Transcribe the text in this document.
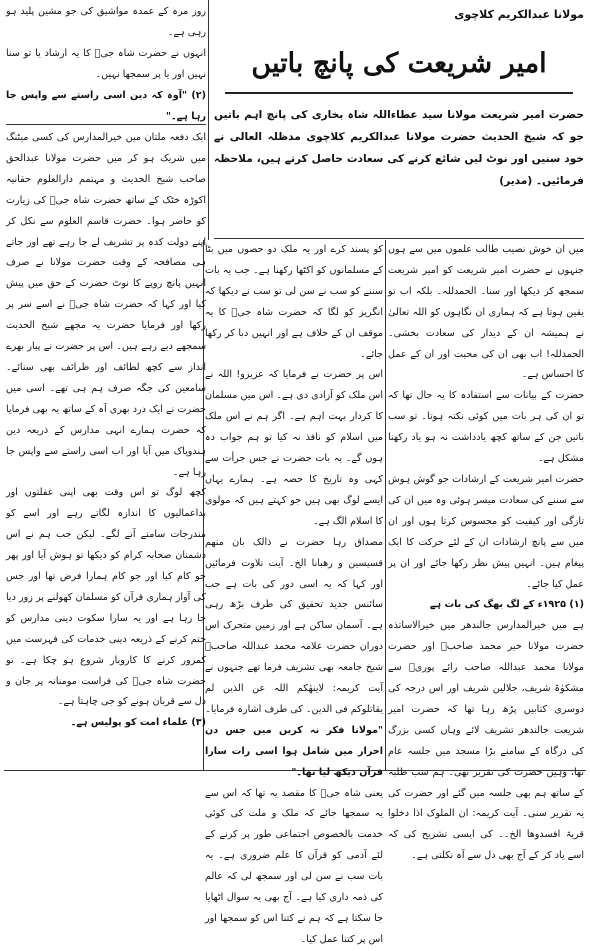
مولانا عبدالکریم کلاچوی
امیر شریعت کی پانچ باتیں
حضرت امیر شریعت مولانا سید عطاءاللہ شاہ بخاری کی پانچ اہم باتیں جو کہ شیخ الحدیث حضرت مولانا عبدالکریم کلاچوی مدظلہ العالی نے خود سنیں اور نوٹ لیں شائع کرنے کی سعادت حاصل کرتے ہیں، ملاحظہ فرمائیں۔ (مدیر)

روز مرہ کے عمدہ مواشیق کی جو مشین پلید ہو رہی ہے۔

انہوں نے حضرت شاہ جیؒ کا یہ ارشاد یا تو سنا نہیں اور یا پر سمجھا نہیں۔

(۲) "آوہ کہ دین اسی راستے سے واپس جا رہا ہے۔"

ایک دفعہ ملتان میں خیرالمدارس کی کسی میٹنگ میں شریک ہو کر میں حضرت مولانا عبدالحق صاحب شیخ الحدیث و مہتمم دارالعلوم حقانیہ اکوڑہ خٹک کے ساتھ حضرت شاہ جیؒ کی زیارت کو حاضر ہوا۔ حضرت قاسم العلوم سے نکل کر اپنے دولت کدہ پر تشریف لے جا رہے تھے اور جاتے ہی مصافحہ کے وقت حضرت مولانا نے صرف انہیں پانچ روپے کا نوٹ حضرت کے حق میں پیش کیا اور کہا کہ حضرت شاہ جیؒ نے اسے سر پر رکھا اور فرمایا حضرت یہ مجھے شیخ الحدیث سمجھے دیے رہے ہیں۔ اس پر حضرت نے پیار بھرے انداز سے کچھ لطائف اور ظرائف بھی سنائے۔ سامعین کی جگہ صرف ہم ہی تھے۔ اسی میں حضرت نے ایک درد بھری آہ کے ساتھ یہ بھی فرمایا کہ حضرت ہمارے انہی مدارس کے ذریعہ دین ہندوپاک میں آیا اور اب اسی راستے سے واپس جا رہا ہے۔

کچھ لوگ تو اس وقت بھی اپنی غفلتوں اور بداعمالیوں کا اندازہ لگاتے رہے اور اسے کو مندرجات سامنے آنے لگے۔ لیکن جب ہم نے اس دشمنان صحابہ کرام کو دیکھا تو ہوش آیا اور پھر جو کام کیا اور جو کام ہمارا فرض تھا اور جس کی آواز ہماری قرآن کو مسلمان کھولنے پر زور دیا جا رہا ہے اور یہ سارا سکوت دینی مدارس کو ختم کرنے کے ذریعہ دینی خدمات کی فہرست میں کمزور کرنے کا کاروبار شروع ہو چکا ہے۔ تو حضرت شاہ جیؒ کی فراست مومنانہ پر جان و دل سے قربان ہونے کو جی چاہتا ہے۔

(۳) علماء امت کو پولیس ہے۔

کو پسند کرے اور یہ ملک دو حصوں میں بٹا کے مسلمانوں کو اکٹھا رکھنا ہے۔ جب یہ بات سننے کو سب نے سن لی تو سب نے دیکھا کہ انگریز کو لگا کہ حضرت شاہ جیؒ کا یہ موقف ان کے خلاف ہے اور انہیں دبا کر رکھا جائے۔

اس پر حضرت نے فرمایا کہ عزیزو! اللہ نے اس ملک کو آزادی دی ہے۔ اس میں مسلمان کا کردار بہت اہم ہے۔ اگر ہم نے اس ملک میں اسلام کو نافذ نہ کیا تو ہم جواب دہ ہوں گے۔ یہ بات حضرت نے جس جرأت سے کہی وہ تاریخ کا حصہ ہے۔ ہمارے یہاں ایسے لوگ بھی ہیں جو کہتے ہیں کہ مولوی کا اسلام الگ ہے۔

مصداق رہا حضرت نے ذالک بان منھم قسیسین و رھبانا الخ۔ آیت تلاوت فرمائیں اور کہا کہ یہ اسی دور کی بات ہے جب سائنس جدید تحقیق کی طرف بڑھ رہی ہے۔ آسمان ساکن ہے اور زمین متحرک اس دوران حضرت علامہ محمد عبداللہ صاحبؒ شیخ جامعہ بھی تشریف فرما تھے جنہوں نے آیت کریمہ: لاینھٰکم اللہ عن الذین لم یقاتلوکم فی الدین۔ کی طرف اشارہ فرمایا۔

"مولانا فکر نہ کریں میں جس دن احرار میں شامل ہوا اسی رات سارا قرآن دیکھ لیا تھا۔"

یعنی شاہ جیؒ کا مقصد یہ تھا کہ اس سے یہ سمجھا جائے کہ ملک و ملت کی کوئی خدمت بالخصوص اجتماعی طور پر کرنے کے لئے آدمی کو قرآن کا علم ضروری ہے۔ یہ بات سب نے سن لی اور سمجھ لی کہ عالم کی ذمہ داری کیا ہے۔ آج بھی یہ سوال اٹھایا جا سکتا ہے کہ ہم نے کتنا اس کو سمجھا اور اس پر کتنا عمل کیا۔

میں ان خوش نصیب طالب علموں میں سے ہوں جنہوں نے حضرت امیر شریعت کو امیر شریعت سمجھ کر دیکھا اور سنا۔ الحمدللہ۔ بلکہ اب تو یقین ہوتا ہے کہ ہماری ان نگاہوں کو اللہ تعالیٰ نے ہمیشہ ان کے دیدار کی سعادت بخشی۔ الحمدللہ! اب بھی ان کی محبت اور ان کے عمل کا احساس ہے۔

حضرت کے بیانات سے استفادہ کا یہ حال تھا کہ تو ان کی ہر بات میں کوئی نکتہ ہوتا۔ تو سب باتیں جن کے ساتھ کچھ یادداشت نہ ہو یاد رکھنا مشکل ہے۔

حضرت امیر شریعت کے ارشادات جو گوش ہوش سے سننے کی سعادت میسر ہوئی وہ میں ان کی تازگی اور کیفیت کو محسوس کرتا ہوں اور ان میں سے پانچ ارشادات ان کے لئے حرکت کا ایک پیغام ہیں۔ انہیں پیش نظر رکھا جائے اور ان پر عمل کیا جائے۔

(۱) ۱۹۲۵ء کے لگ بھگ کی بات ہے

ہے میں خیرالمدارس جالندھر میں خیرالاساتذہ حضرت مولانا خیر محمد صاحبؒ اور حضرت مولانا محمد عبداللہ صاحب رائے پوریؒ سے مشکوٰۃ شریف، جلالین شریف اور اس درجہ کی دوسری کتابیں پڑھ رہا تھا کہ حضرت امیر شریعت جالندھر تشریف لائے وہاں کسی بزرگ کی درگاہ کے سامنے بڑا مسجد میں جلسہ عام تھا، وہیں حضرت کی تقریر تھی۔ ہم سب طلبہ کے ساتھ ہم بھی جلسہ میں گئے اور حضرت کی یہ تقریر سنی۔ آیت کریمہ: ان الملوک اذا دخلوا قریۃ افسدوھا الخ۔۔ کی ایسی تشریح کی کہ اسے یاد کر کے آج بھی دل سے آہ نکلتی ہے۔
